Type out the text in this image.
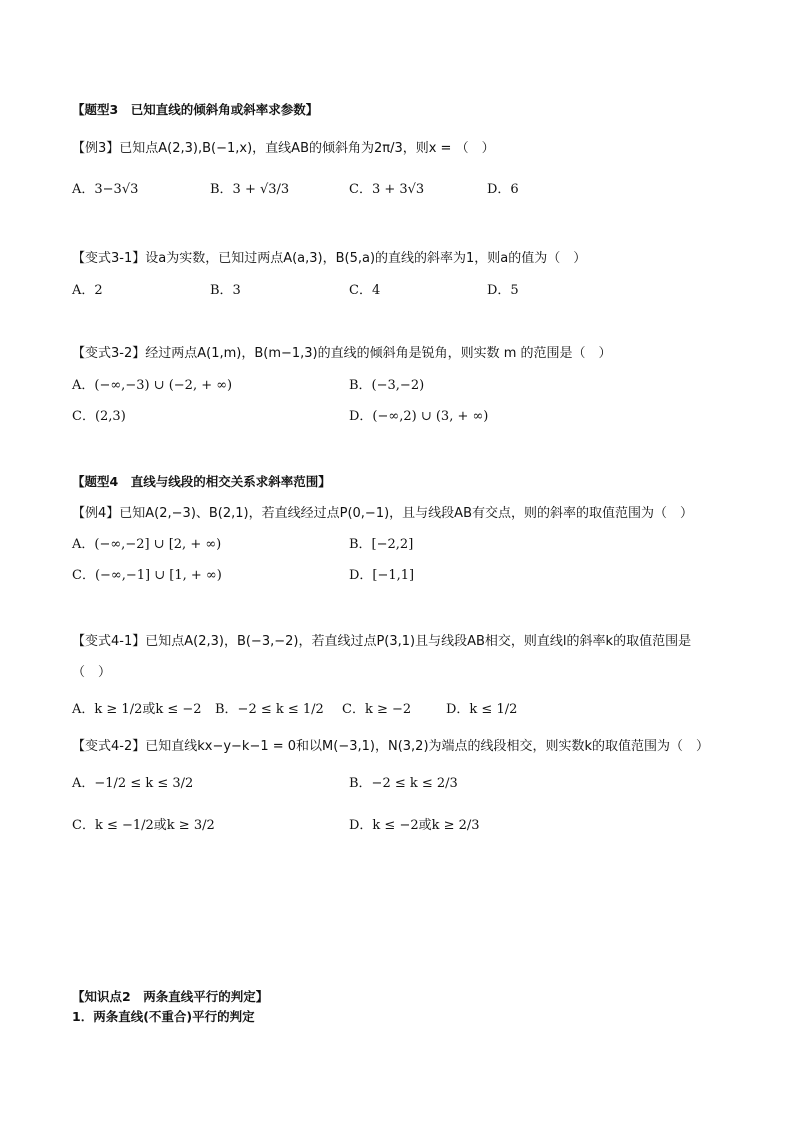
【题型3　已知直线的倾斜角或斜率求参数】
【例3】已知点A(2,3),B(−1,x)，直线AB的倾斜角为2π/3，则x = （　）
A．3−3√3	B．3 + √3/3	C．3 + 3√3	D．6
【变式3-1】设a为实数，已知过两点A(a,3)，B(5,a)的直线的斜率为1，则a的值为（　）
A．2	B．3	C．4	D．5
【变式3-2】经过两点A(1,m)，B(m−1,3)的直线的倾斜角是锐角，则实数 m 的范围是（　）
A．(−∞,−3) ∪ (−2, + ∞)	B．(−3,−2)
C．(2,3)	D．(−∞,2) ∪ (3, + ∞)
【题型4　直线与线段的相交关系求斜率范围】
【例4】已知A(2,−3)、B(2,1)，若直线经过点P(0,−1)，且与线段AB有交点，则的斜率的取值范围为（　）
A．(−∞,−2] ∪ [2, + ∞)	B．[−2,2]
C．(−∞,−1] ∪ [1, + ∞)	D．[−1,1]
【变式4-1】已知点A(2,3)，B(−3,−2)，若直线过点P(3,1)且与线段AB相交，则直线l的斜率k的取值范围是
（　）
A．k ≥ 1/2或k ≤ −2 B．−2 ≤ k ≤ 1/2 C．k ≥ −2	D．k ≤ 1/2
【变式4-2】已知直线kx−y−k−1 = 0和以M(−3,1)，N(3,2)为端点的线段相交，则实数k的取值范围为（　）
A．−1/2 ≤ k ≤ 3/2	B．−2 ≤ k ≤ 2/3
C．k ≤ −1/2或k ≥ 3/2	D．k ≤ −2或k ≥ 2/3
【知识点2　两条直线平行的判定】
1．两条直线(不重合)平行的判定
